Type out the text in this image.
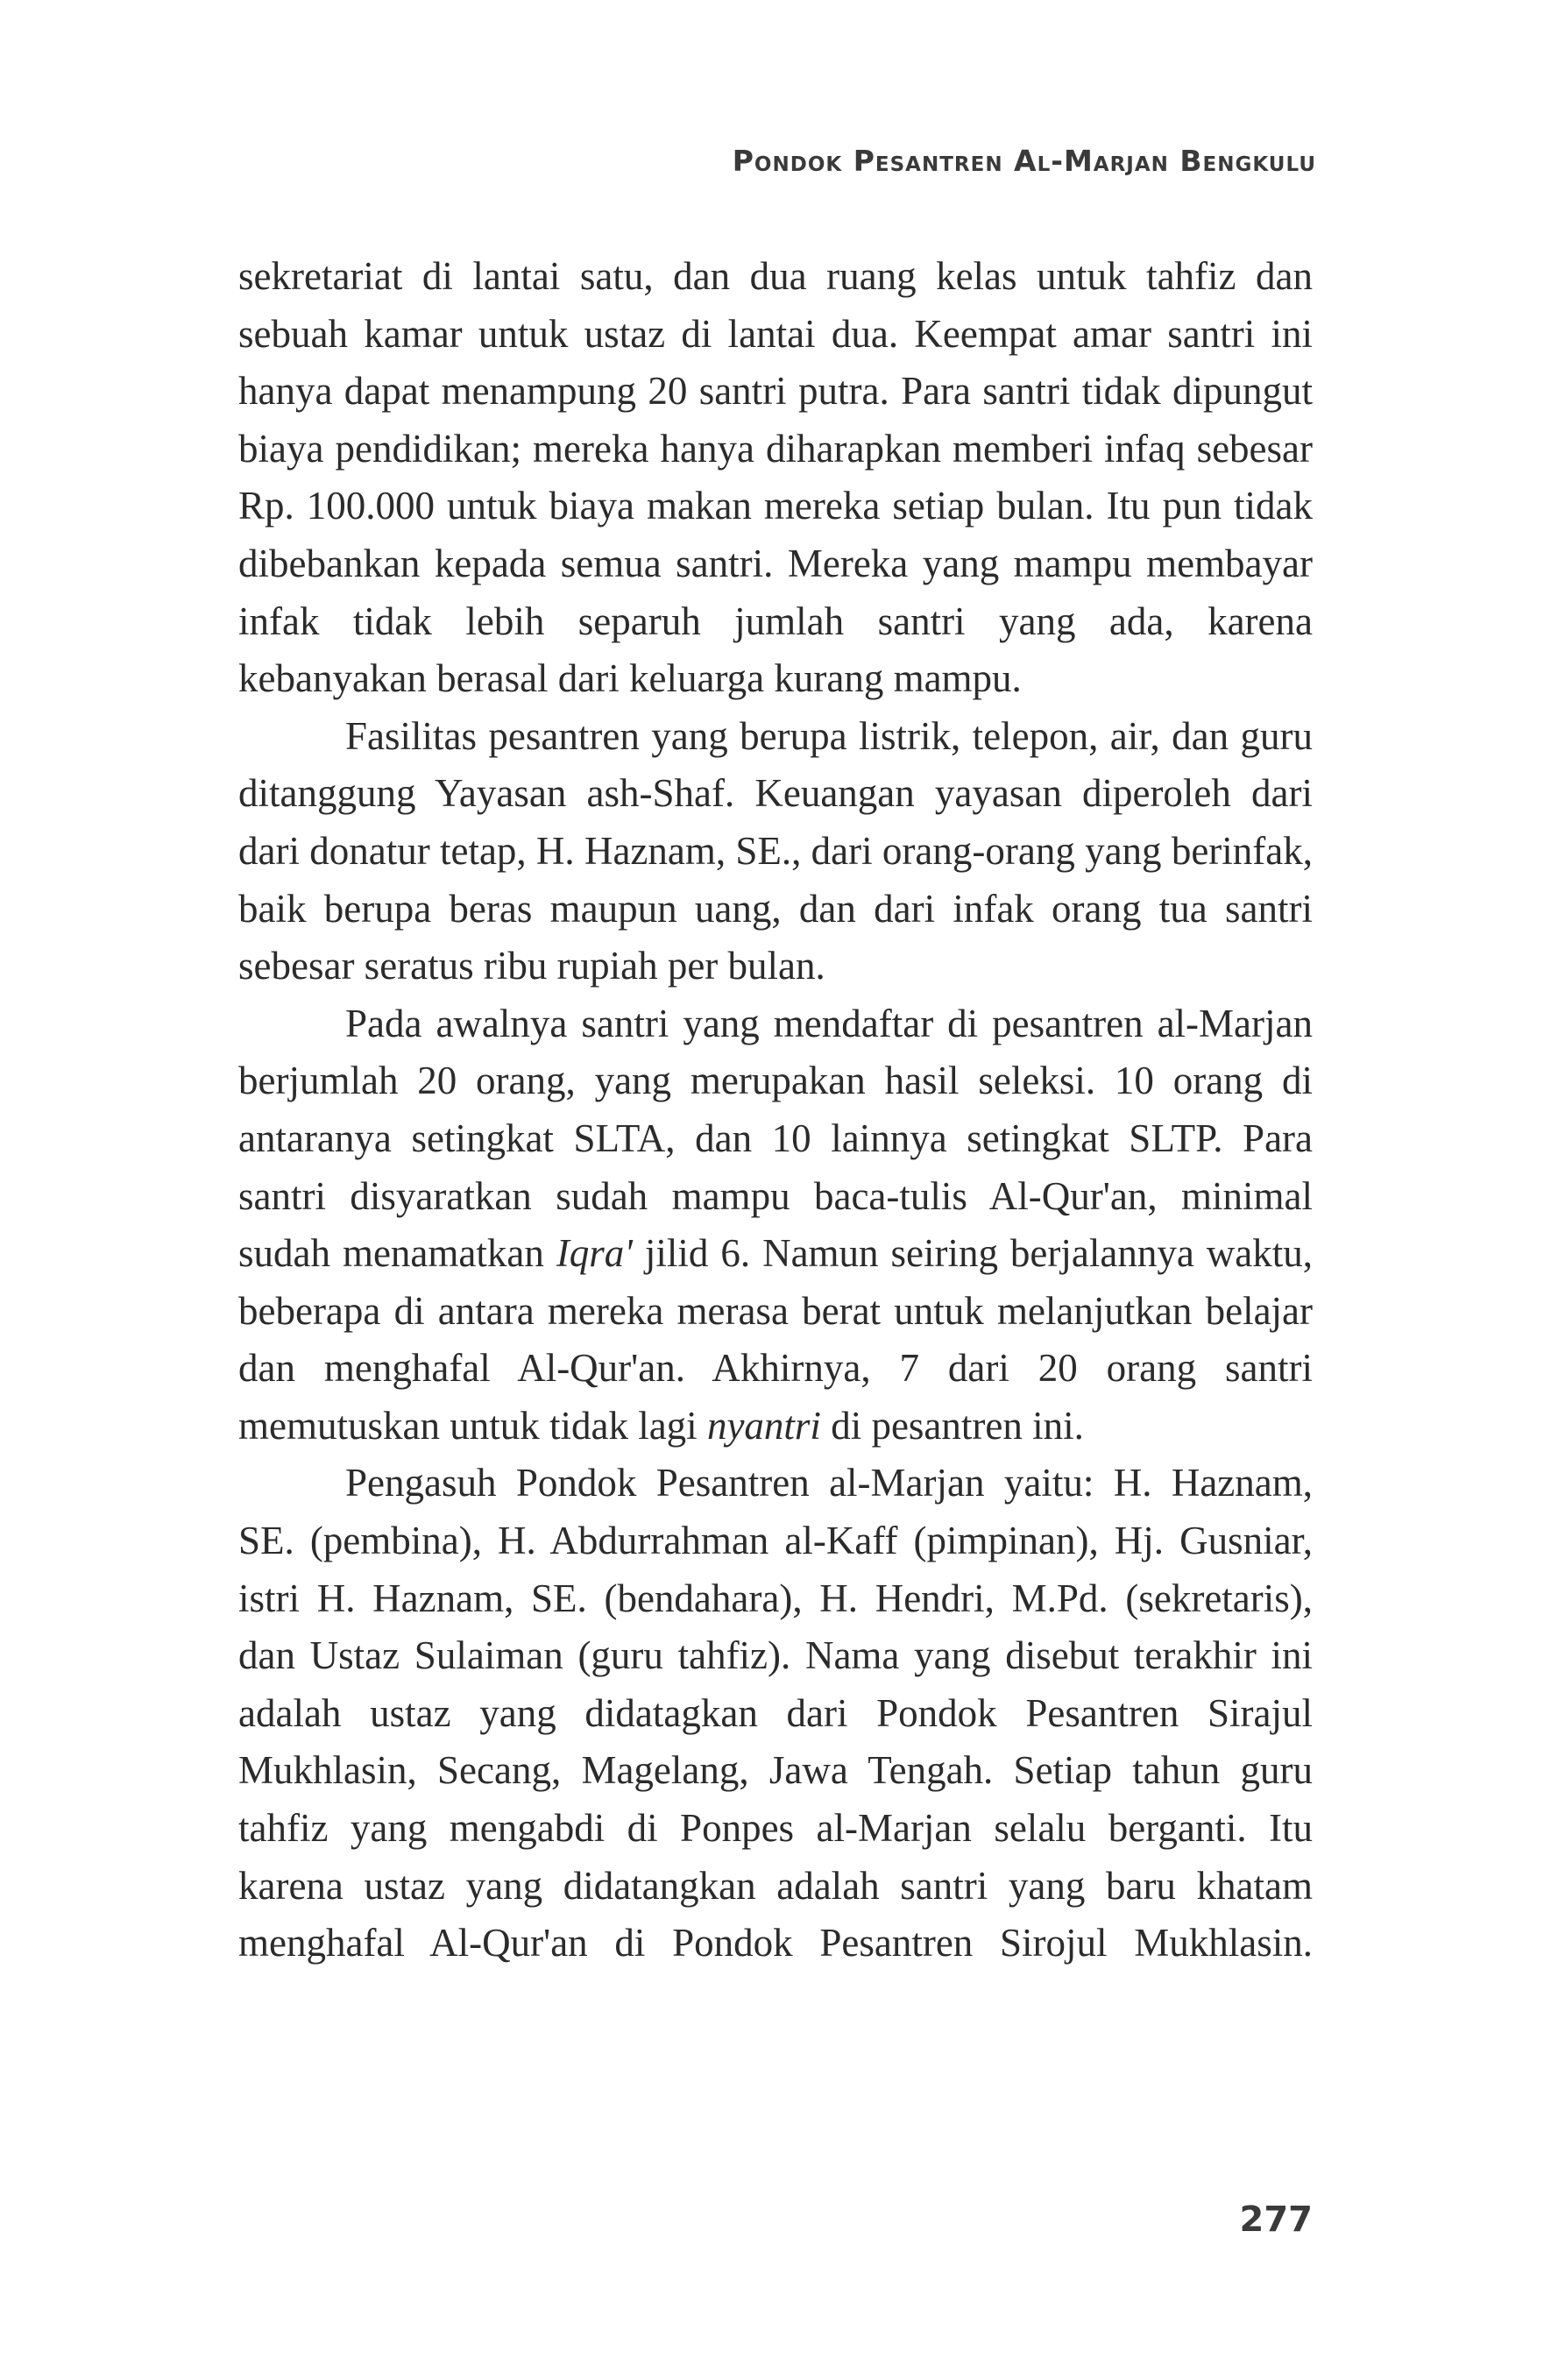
Pondok Pesantren Al-Marjan Bengkulu

sekretariat di lantai satu, dan dua ruang kelas untuk tahfiz dan sebuah kamar untuk ustaz di lantai dua. Keempat amar santri ini hanya dapat menampung 20 santri putra. Para santri tidak dipungut biaya pendidikan; mereka hanya diharapkan memberi infaq sebesar Rp. 100.000 untuk biaya makan mereka setiap bulan. Itu pun tidak dibebankan kepada semua santri. Mereka yang mampu membayar infak tidak lebih separuh jumlah santri yang ada, karena kebanyakan berasal dari keluarga kurang mampu.

Fasilitas pesantren yang berupa listrik, telepon, air, dan guru ditanggung Yayasan ash-Shaf. Keuangan yayasan diperoleh dari dari donatur tetap, H. Haznam, SE., dari orang-orang yang berinfak, baik berupa beras maupun uang, dan dari infak orang tua santri sebesar seratus ribu rupiah per bulan.

Pada awalnya santri yang mendaftar di pesantren al-Marjan berjumlah 20 orang, yang merupakan hasil seleksi. 10 orang di antaranya setingkat SLTA, dan 10 lainnya setingkat SLTP. Para santri disyaratkan sudah mampu baca-tulis Al-Qur'an, minimal sudah menamatkan Iqra' jilid 6. Namun seiring berjalannya waktu, beberapa di antara mereka merasa berat untuk melanjutkan belajar dan menghafal Al-Qur'an. Akhirnya, 7 dari 20 orang santri memutuskan untuk tidak lagi nyantri di pesantren ini.

Pengasuh Pondok Pesantren al-Marjan yaitu: H. Haznam, SE. (pembina), H. Abdurrahman al-Kaff (pimpinan), Hj. Gusniar, istri H. Haznam, SE. (bendahara), H. Hendri, M.Pd. (sekretaris), dan Ustaz Sulaiman (guru tahfiz). Nama yang disebut terakhir ini adalah ustaz yang didatagkan dari Pondok Pesantren Sirajul Mukhlasin, Secang, Magelang, Jawa Tengah. Setiap tahun guru tahfiz yang mengabdi di Ponpes al-Marjan selalu berganti. Itu karena ustaz yang didatangkan adalah santri yang baru khatam menghafal Al-Qur'an di Pondok Pesantren Sirojul Mukhlasin.

277
